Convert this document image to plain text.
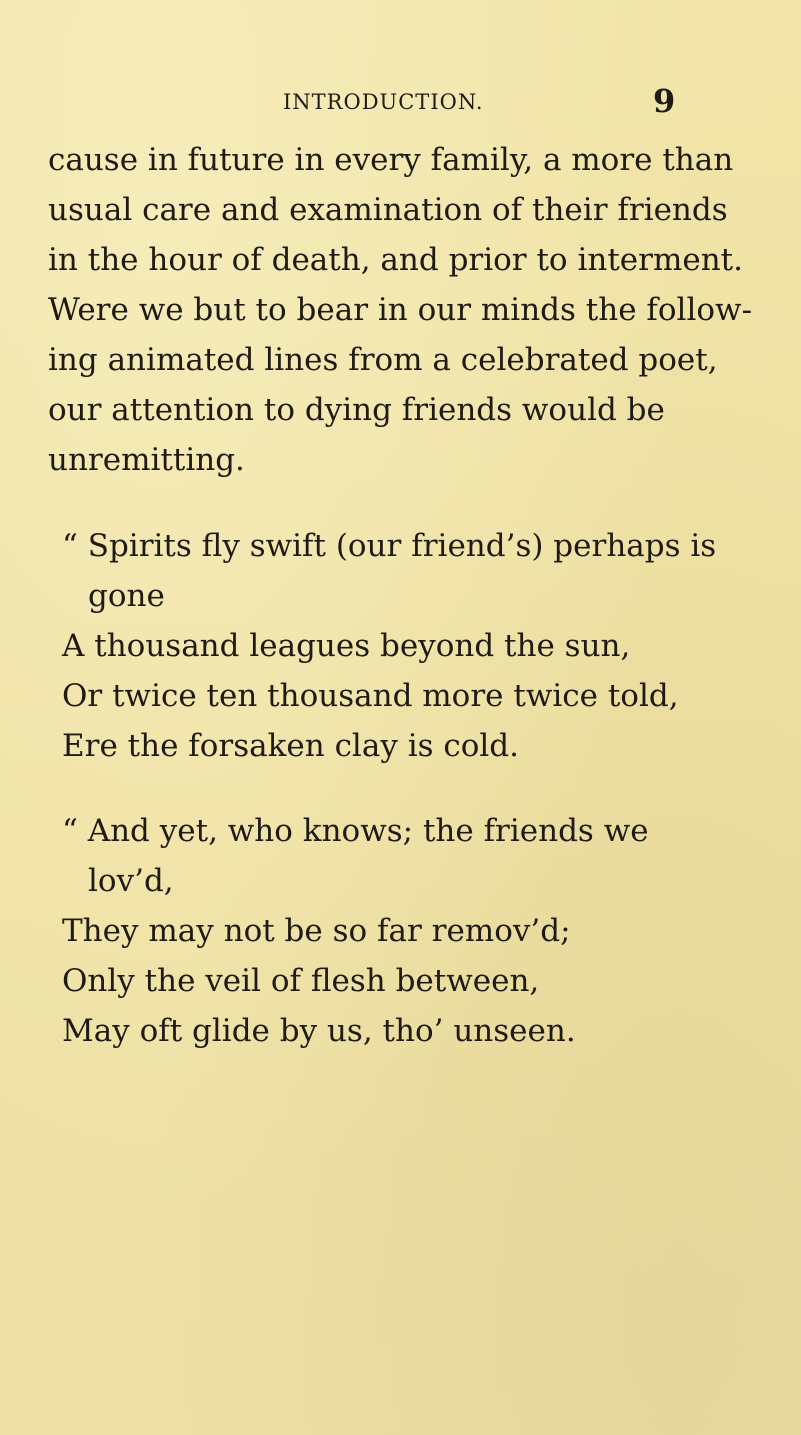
INTRODUCTION.	9
cause in future in every family, a more than
usual care and examination of their friends
in the hour of death, and prior to interment.
Were we but to bear in our minds the follow-
ing animated lines from a celebrated poet,
our attention to dying friends would be
unremitting.
“ Spirits fly swift (our friend’s) perhaps is
gone
A thousand leagues beyond the sun,
Or twice ten thousand more twice told,
Ere the forsaken clay is cold.
“ And yet, who knows; the friends we
lov’d,
They may not be so far remov’d;
Only the veil of flesh between,
May oft glide by us, tho’ unseen.
